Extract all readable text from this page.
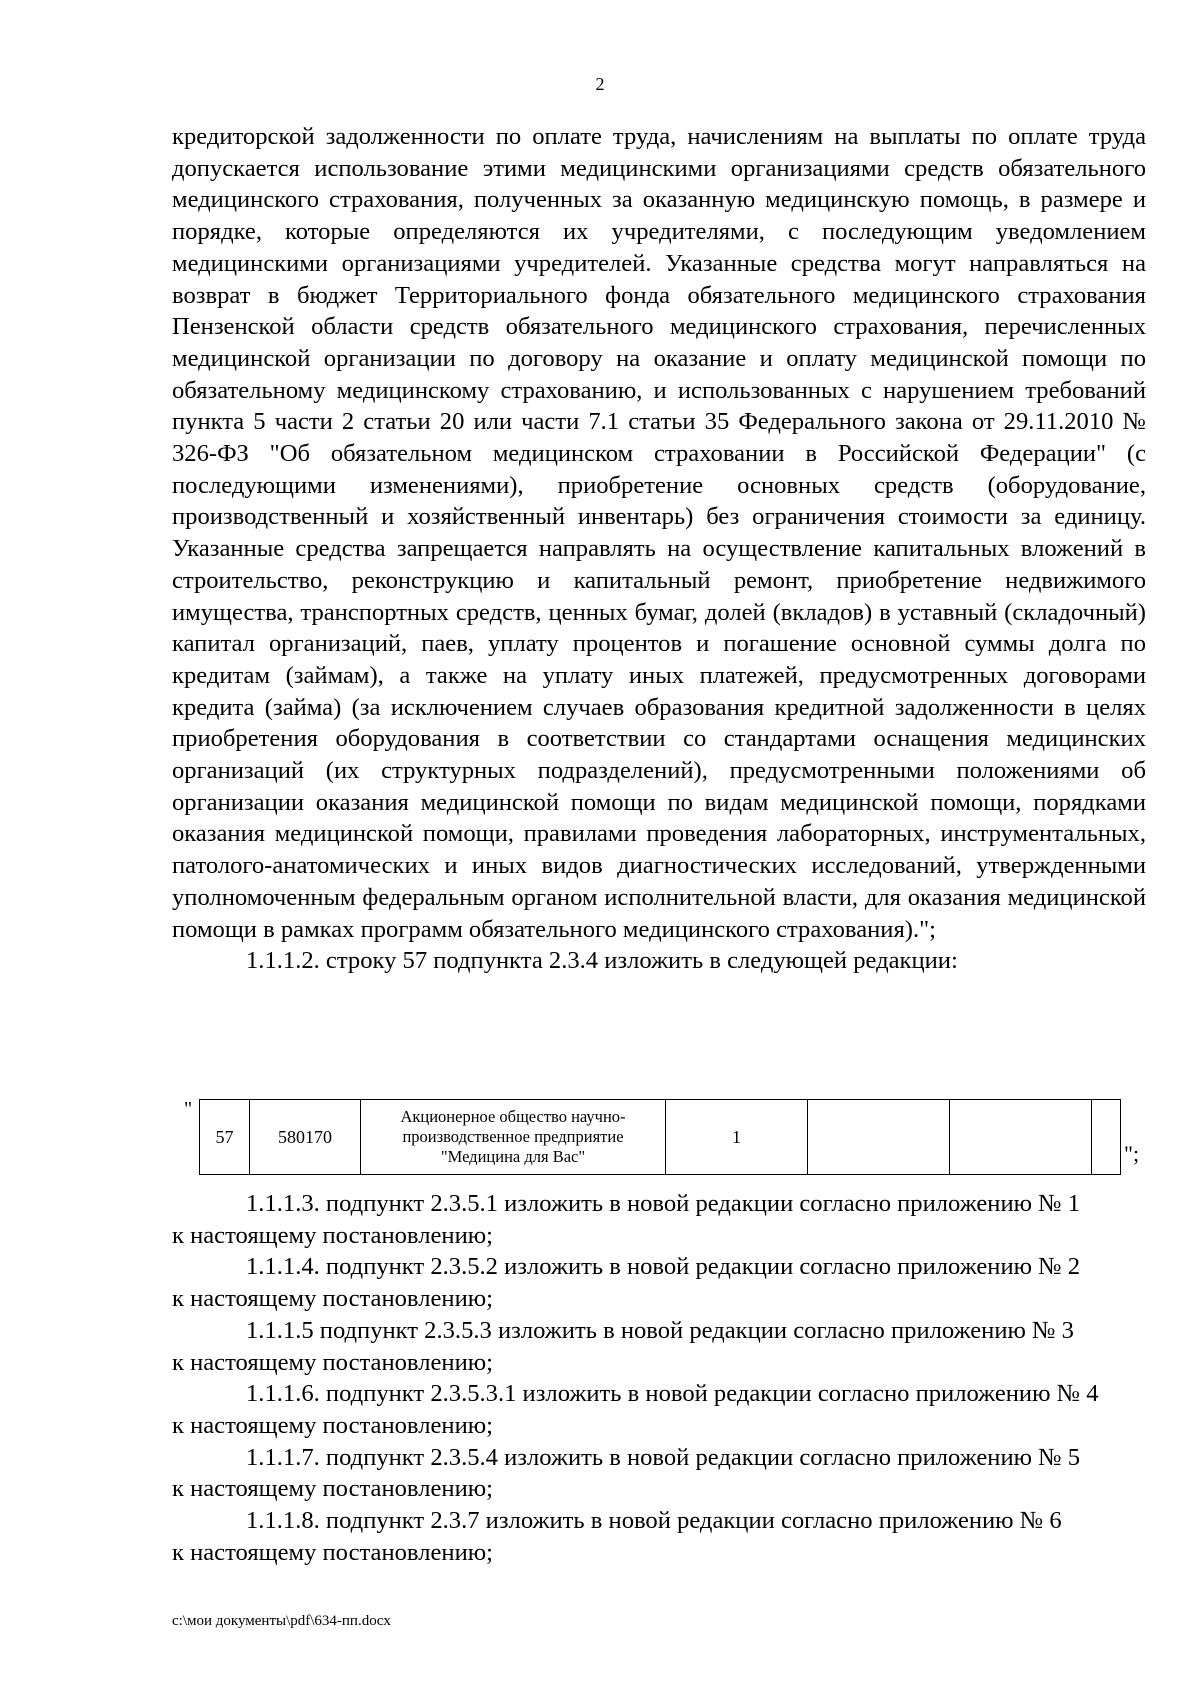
2

кредиторской задолженности по оплате труда, начислениям на выплаты по оплате труда допускается использование этими медицинскими организациями средств обязательного медицинского страхования, полученных за оказанную медицинскую помощь, в размере и порядке, которые определяются их учредителями, с последующим уведомлением медицинскими организациями учредителей. Указанные средства могут направляться на возврат в бюджет Территориального фонда обязательного медицинского страхования Пензенской области средств обязательного медицинского страхования, перечисленных медицинской организации по договору на оказание и оплату медицинской помощи по обязательному медицинскому страхованию, и использованных с нарушением требований пункта 5 части 2 статьи 20 или части 7.1 статьи 35 Федерального закона от 29.11.2010 № 326-ФЗ "Об обязательном медицинском страховании в Российской Федерации" (с последующими изменениями), приобретение основных средств (оборудование, производственный и хозяйственный инвентарь) без ограничения стоимости за единицу. Указанные средства запрещается направлять на осуществление капитальных вложений в строительство, реконструкцию и капитальный ремонт, приобретение недвижимого имущества, транспортных средств, ценных бумаг, долей (вкладов) в уставный (складочный) капитал организаций, паев, уплату процентов и погашение основной суммы долга по кредитам (займам), а также на уплату иных платежей, предусмотренных договорами кредита (займа) (за исключением случаев образования кредитной задолженности в целях приобретения оборудования в соответствии со стандартами оснащения медицинских организаций (их структурных подразделений), предусмотренными положениями об организации оказания медицинской помощи по видам медицинской помощи, порядками оказания медицинской помощи, правилами проведения лабораторных, инструментальных, патолого-анатомических и иных видов диагностических исследований, утвержденными уполномоченным федеральным органом исполнительной власти, для оказания медицинской помощи в рамках программ обязательного медицинского страхования).";

1.1.1.2. строку 57 подпункта 2.3.4 изложить в следующей редакции:

"
57	580170	Акционерное общество научно-производственное предприятие "Медицина для Вас"	1			
";

1.1.1.3. подпункт 2.3.5.1 изложить в новой редакции согласно приложению № 1

к настоящему постановлению;

1.1.1.4. подпункт 2.3.5.2 изложить в новой редакции согласно приложению № 2

к настоящему постановлению;

1.1.1.5 подпункт 2.3.5.3 изложить в новой редакции согласно приложению № 3

к настоящему постановлению;

1.1.1.6. подпункт 2.3.5.3.1 изложить в новой редакции согласно приложению № 4

к настоящему постановлению;

1.1.1.7. подпункт 2.3.5.4 изложить в новой редакции согласно приложению № 5

к настоящему постановлению;

1.1.1.8. подпункт 2.3.7 изложить в новой редакции согласно приложению № 6

к настоящему постановлению;

c:\мои документы\pdf\634-пп.docx
